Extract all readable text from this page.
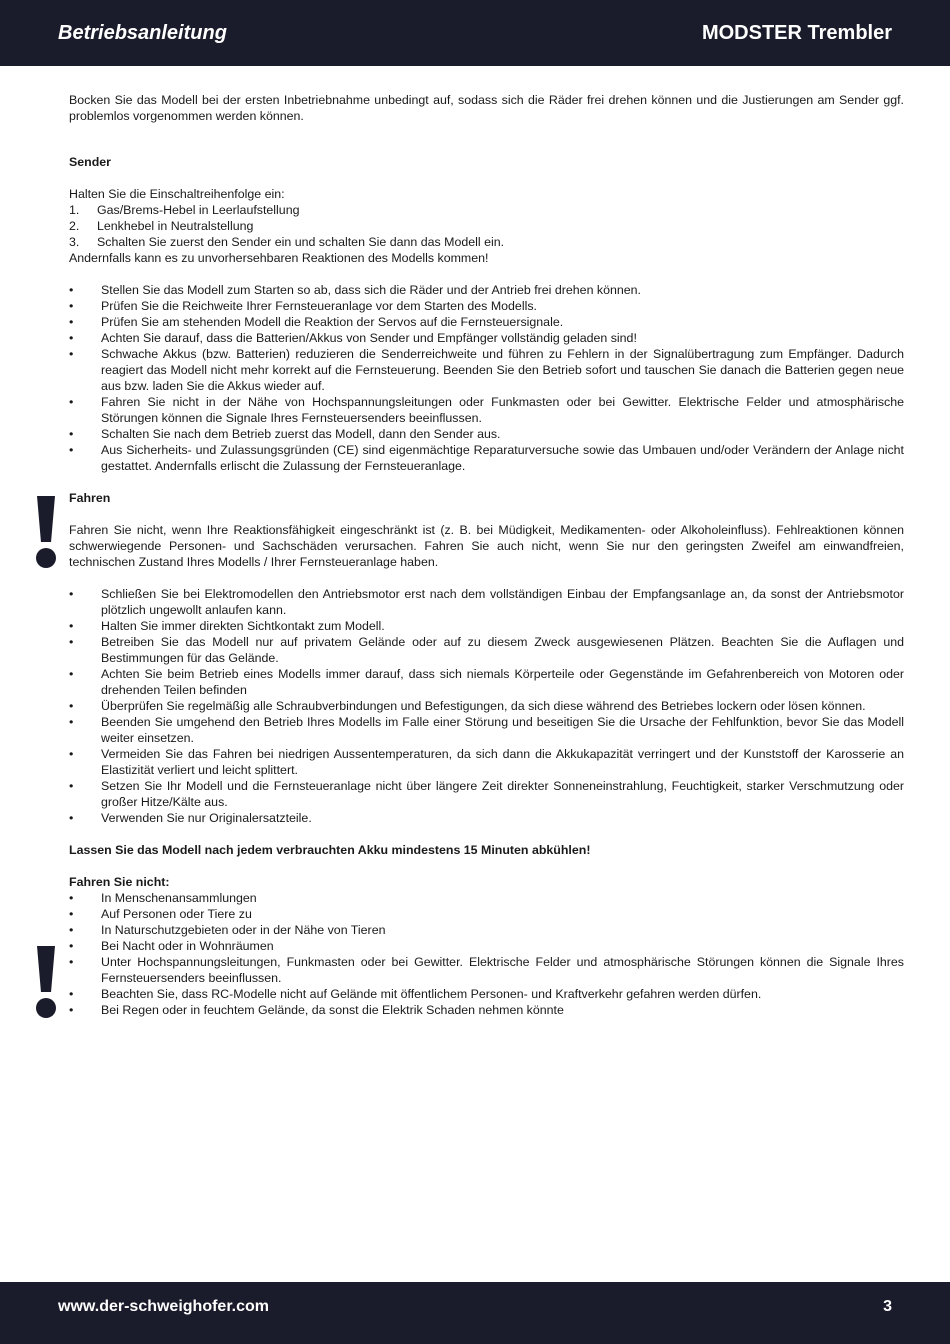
Betriebsanleitung	MODSTER Trembler

Bocken Sie das Modell bei der ersten Inbetriebnahme unbedingt auf, sodass sich die Räder frei drehen können und die Justierungen am Sender ggf. problemlos vorgenommen werden können.

Sender

Halten Sie die Einschaltreihenfolge ein:

1. Gas/Brems-Hebel in Leerlaufstellung
2. Lenkhebel in Neutralstellung
3. Schalten Sie zuerst den Sender ein und schalten Sie dann das Modell ein.

Andernfalls kann es zu unvorhersehbaren Reaktionen des Modells kommen!

• Stellen Sie das Modell zum Starten so ab, dass sich die Räder und der Antrieb frei drehen können.
• Prüfen Sie die Reichweite Ihrer Fernsteueranlage vor dem Starten des Modells.
• Prüfen Sie am stehenden Modell die Reaktion der Servos auf die Fernsteuersignale.
• Achten Sie darauf, dass die Batterien/Akkus von Sender und Empfänger vollständig geladen sind!
• Schwache Akkus (bzw. Batterien) reduzieren die Senderreichweite und führen zu Fehlern in der Signalübertragung zum Empfänger. Dadurch reagiert das Modell nicht mehr korrekt auf die Fernsteuerung. Beenden Sie den Betrieb sofort und tauschen Sie danach die Batterien gegen neue aus bzw. laden Sie die Akkus wieder auf.
• Fahren Sie nicht in der Nähe von Hochspannungsleitungen oder Funkmasten oder bei Gewitter. Elektrische Felder und atmosphärische Störungen können die Signale Ihres Fernsteuersenders beeinflussen.
• Schalten Sie nach dem Betrieb zuerst das Modell, dann den Sender aus.
• Aus Sicherheits- und Zulassungsgründen (CE) sind eigenmächtige Reparaturversuche sowie das Umbauen und/oder Verändern der Anlage nicht gestattet. Andernfalls erlischt die Zulassung der Fernsteueranlage.

Fahren

Fahren Sie nicht, wenn Ihre Reaktionsfähigkeit eingeschränkt ist (z. B. bei Müdigkeit, Medikamenten- oder Alkoholeinfluss). Fehlreaktionen können schwerwiegende Personen- und Sachschäden verursachen. Fahren Sie auch nicht, wenn Sie nur den geringsten Zweifel am einwandfreien, technischen Zustand Ihres Modells / Ihrer Fernsteueranlage haben.

• Schließen Sie bei Elektromodellen den Antriebsmotor erst nach dem vollständigen Einbau der Empfangsanlage an, da sonst der Antriebsmotor plötzlich ungewollt anlaufen kann.
• Halten Sie immer direkten Sichtkontakt zum Modell.
• Betreiben Sie das Modell nur auf privatem Gelände oder auf zu diesem Zweck ausgewiesenen Plätzen. Beachten Sie die Auflagen und Bestimmungen für das Gelände.
• Achten Sie beim Betrieb eines Modells immer darauf, dass sich niemals Körperteile oder Gegenstände im Gefahrenbereich von Motoren oder drehenden Teilen befinden
• Überprüfen Sie regelmäßig alle Schraubverbindungen und Befestigungen, da sich diese während des Betriebes lockern oder lösen können.
• Beenden Sie umgehend den Betrieb Ihres Modells im Falle einer Störung und beseitigen Sie die Ursache der Fehlfunktion, bevor Sie das Modell weiter einsetzen.
• Vermeiden Sie das Fahren bei niedrigen Aussentemperaturen, da sich dann die Akkukapazität verringert und der Kunststoff der Karosserie an Elastizität verliert und leicht splittert.
• Setzen Sie Ihr Modell und die Fernsteueranlage nicht über längere Zeit direkter Sonneneinstrahlung, Feuchtigkeit, starker Verschmutzung oder großer Hitze/Kälte aus.
• Verwenden Sie nur Originalersatzteile.

Lassen Sie das Modell nach jedem verbrauchten Akku mindestens 15 Minuten abkühlen!

Fahren Sie nicht:

• In Menschenansammlungen
• Auf Personen oder Tiere zu
• In Naturschutzgebieten oder in der Nähe von Tieren
• Bei Nacht oder in Wohnräumen
• Unter Hochspannungsleitungen, Funkmasten oder bei Gewitter. Elektrische Felder und atmosphärische Störungen können die Signale Ihres Fernsteuersenders beeinflussen.
• Beachten Sie, dass RC-Modelle nicht auf Gelände mit öffentlichem Personen- und Kraftverkehr gefahren werden dürfen.
• Bei Regen oder in feuchtem Gelände, da sonst die Elektrik Schaden nehmen könnte
www.der-schweighofer.com	3
